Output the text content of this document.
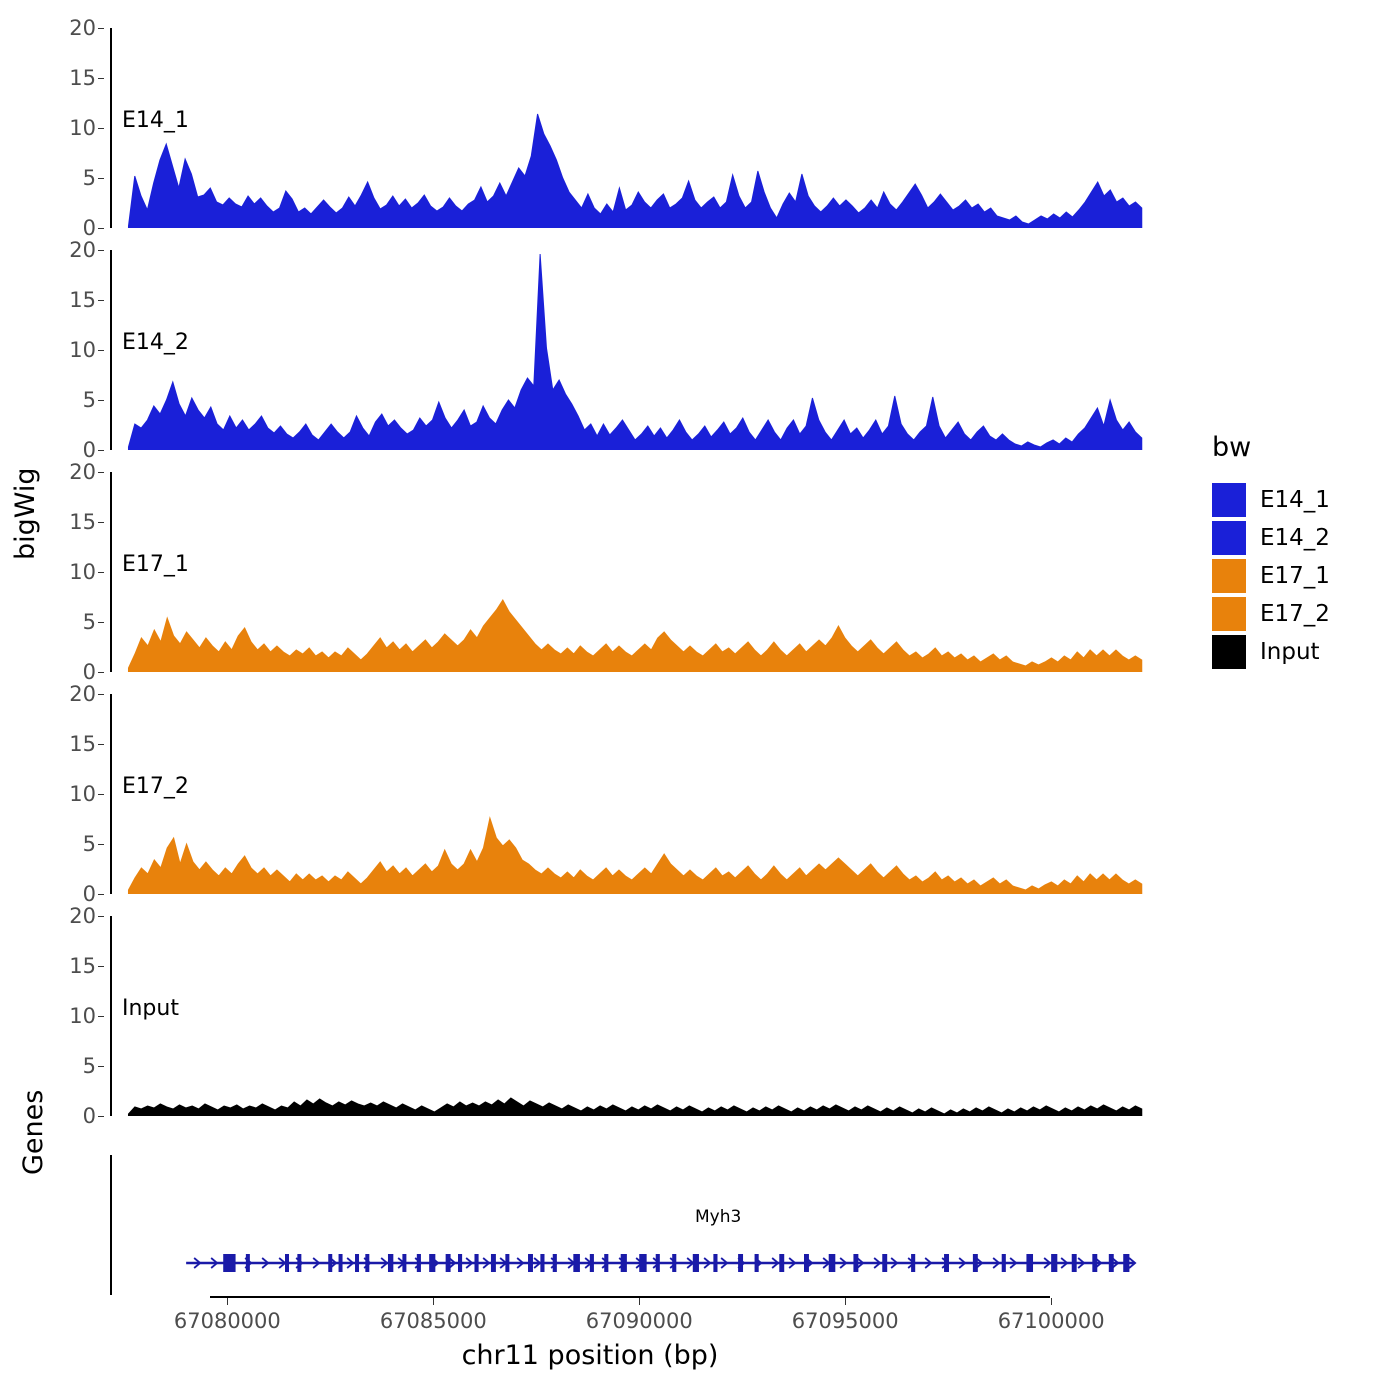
bigWig
Genes
0
5
10
15
20
E14_1
0
5
10
15
20
E14_2
0
5
10
15
20
E17_1
0
5
10
15
20
E17_2
0
5
10
15
20
Input
Myh3
67080000	67085000	67090000	67095000	67100000
chr11 position (bp)
bw
E14_1
E14_2
E17_1
E17_2
Input
